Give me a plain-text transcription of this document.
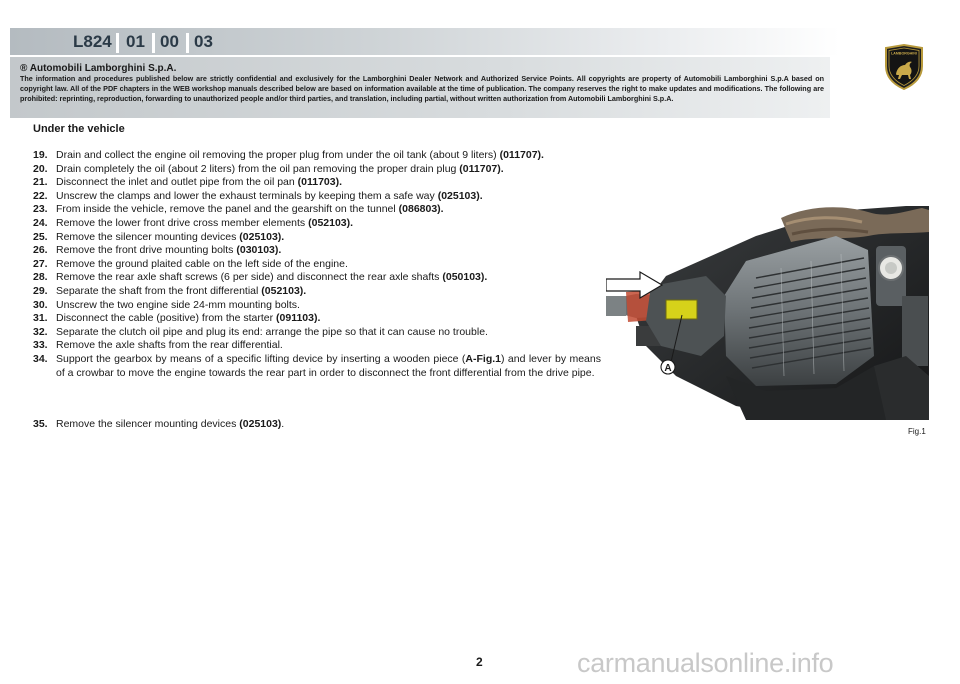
L824 01 00 03
LAMBORGHINI
® Automobili Lamborghini S.p.A.
The information and procedures published below are strictly confidential and exclusively for the Lamborghini Dealer Network and Authorized Service Points. All copyrights are property of Automobili Lamborghini S.p.A based on copyright law. All of the PDF chapters in the WEB workshop manuals described below are based on information available at the time of publication. The company reserves the right to make updates and modifications. The following are prohibited: reprinting, reproduction, forwarding to unauthorized people and/or third parties, and translation, including partial, without written authorization from Automobili Lamborghini S.p.A.
Under the vehicle
19. Drain and collect the engine oil removing the proper plug from under the oil tank (about 9 liters) (011707).
20. Drain completely the oil (about 2 liters) from the oil pan removing the proper drain plug (011707).
21. Disconnect the inlet and outlet pipe from the oil pan (011703).
22. Unscrew the clamps and lower the exhaust terminals by keeping them a safe way (025103).
23. From inside the vehicle, remove the panel and the gearshift on the tunnel (086803).
24. Remove the lower front drive cross member elements (052103).
25. Remove the silencer mounting devices (025103).
26. Remove the front drive mounting bolts (030103).
27. Remove the ground plaited cable on the left side of the engine.
28. Remove the rear axle shaft screws (6 per side) and disconnect the rear axle shafts (050103).
29. Separate the shaft from the front differential (052103).
30. Unscrew the two engine side 24-mm mounting bolts.
31. Disconnect the cable (positive) from the starter (091103).
32. Separate the clutch oil pipe and plug its end: arrange the pipe so that it can cause no trouble.
33. Remove the axle shafts from the rear differential.
34. Support the gearbox by means of a specific lifting device by inserting a wooden piece (A-Fig.1) and lever by means of a crowbar to move the engine towards the rear part in order to disconnect the front differential from the drive pipe.
35. Remove the silencer mounting devices (025103).
A
Fig.1
2	carmanualsonline.info
